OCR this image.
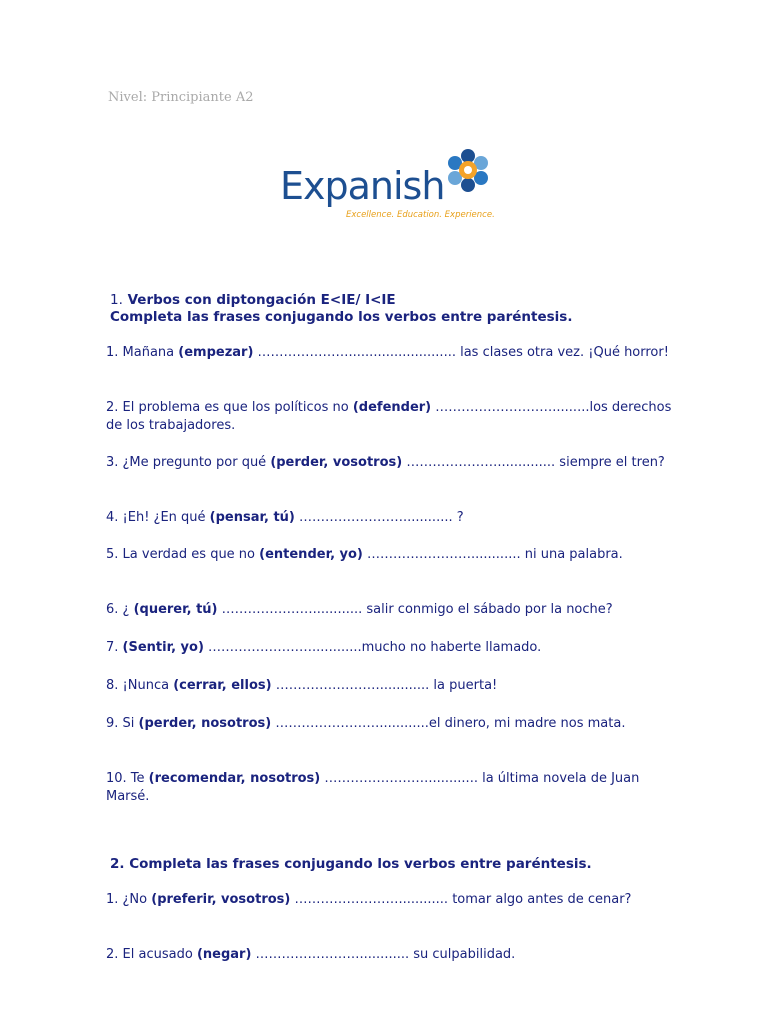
Nivel: Principiante A2
Expanish
Excellence. Education. Experience.
1. Verbos con diptongación E<IE/ I<IE
Completa las frases conjugando los verbos entre paréntesis.
1. Mañana (empezar) ………………….......................... las clases otra vez. ¡Qué horror!
2. El problema es que los políticos no (defender) ……………………….........los derechos de los trabajadores.
3. ¿Me pregunto por qué (perder, vosotros) ………………….............. siempre el tren?
4. ¡Eh! ¿En qué (pensar, tú) ……………………............ ?
5. La verdad es que no (entender, yo) ……………………............ ni una palabra.
6. ¿ (querer, tú) …………………............ salir conmigo el sábado por la noche?
7. (Sentir, yo) ……………………............mucho no haberte llamado.
8. ¡Nunca (cerrar, ellos) ……………………............ la puerta!
9. Si (perder, nosotros) ……………………............el dinero, mi madre nos mata.
10. Te (recomendar, nosotros) ……………………............ la última novela de Juan Marsé.
2. Completa las frases conjugando los verbos entre paréntesis.
1. ¿No (preferir, vosotros) ……………………............ tomar algo antes de cenar?
2. El acusado (negar) ……………………............ su culpabilidad.
